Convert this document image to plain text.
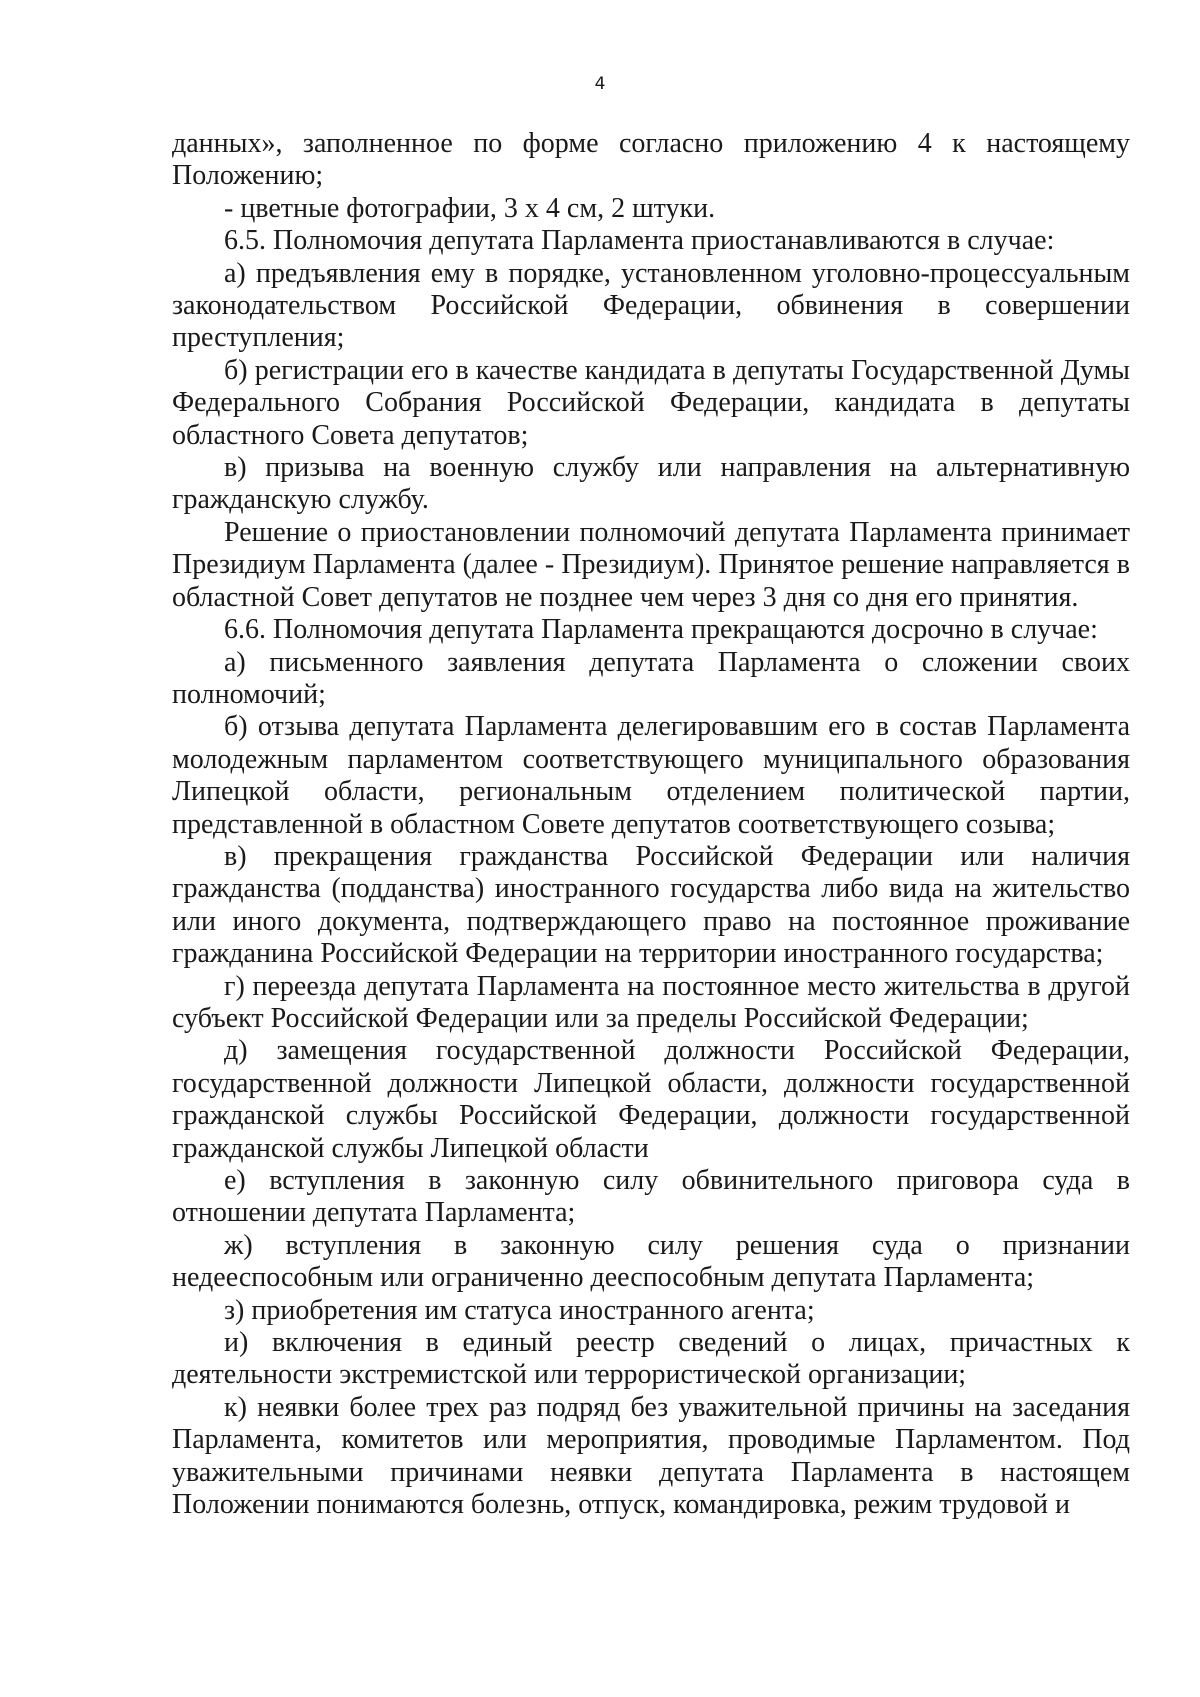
4

данных», заполненное по форме согласно приложению 4 к настоящему Положению;

- цветные фотографии, 3 х 4 см, 2 штуки.

6.5. Полномочия депутата Парламента приостанавливаются в случае:

а) предъявления ему в порядке, установленном уголовно-процессуальным законодательством Российской Федерации, обвинения в совершении преступления;

б) регистрации его в качестве кандидата в депутаты Государственной Думы Федерального Собрания Российской Федерации, кандидата в депутаты областного Совета депутатов;

в) призыва на военную службу или направления на альтернативную гражданскую службу.

Решение о приостановлении полномочий депутата Парламента принимает Президиум Парламента (далее - Президиум). Принятое решение направляется в областной Совет депутатов не позднее чем через 3 дня со дня его принятия.

6.6. Полномочия депутата Парламента прекращаются досрочно в случае:

а) письменного заявления депутата Парламента о сложении своих полномочий;

б) отзыва депутата Парламента делегировавшим его в состав Парламента молодежным парламентом соответствующего муниципального образования Липецкой области, региональным отделением политической партии, представленной в областном Совете депутатов соответствующего созыва;

в) прекращения гражданства Российской Федерации или наличия гражданства (подданства) иностранного государства либо вида на жительство или иного документа, подтверждающего право на постоянное проживание гражданина Российской Федерации на территории иностранного государства;

г) переезда депутата Парламента на постоянное место жительства в другой субъект Российской Федерации или за пределы Российской Федерации;

д) замещения государственной должности Российской Федерации, государственной должности Липецкой области, должности государственной гражданской службы Российской Федерации, должности государственной гражданской службы Липецкой области

е) вступления в законную силу обвинительного приговора суда в отношении депутата Парламента;

ж) вступления в законную силу решения суда о признании недееспособным или ограниченно дееспособным депутата Парламента;

з) приобретения им статуса иностранного агента;

и) включения в единый реестр сведений о лицах, причастных к деятельности экстремистской или террористической организации;

к) неявки более трех раз подряд без уважительной причины на заседания Парламента, комитетов или мероприятия, проводимые Парламентом. Под уважительными причинами неявки депутата Парламента в настоящем Положении понимаются болезнь, отпуск, командировка, режим трудовой и
